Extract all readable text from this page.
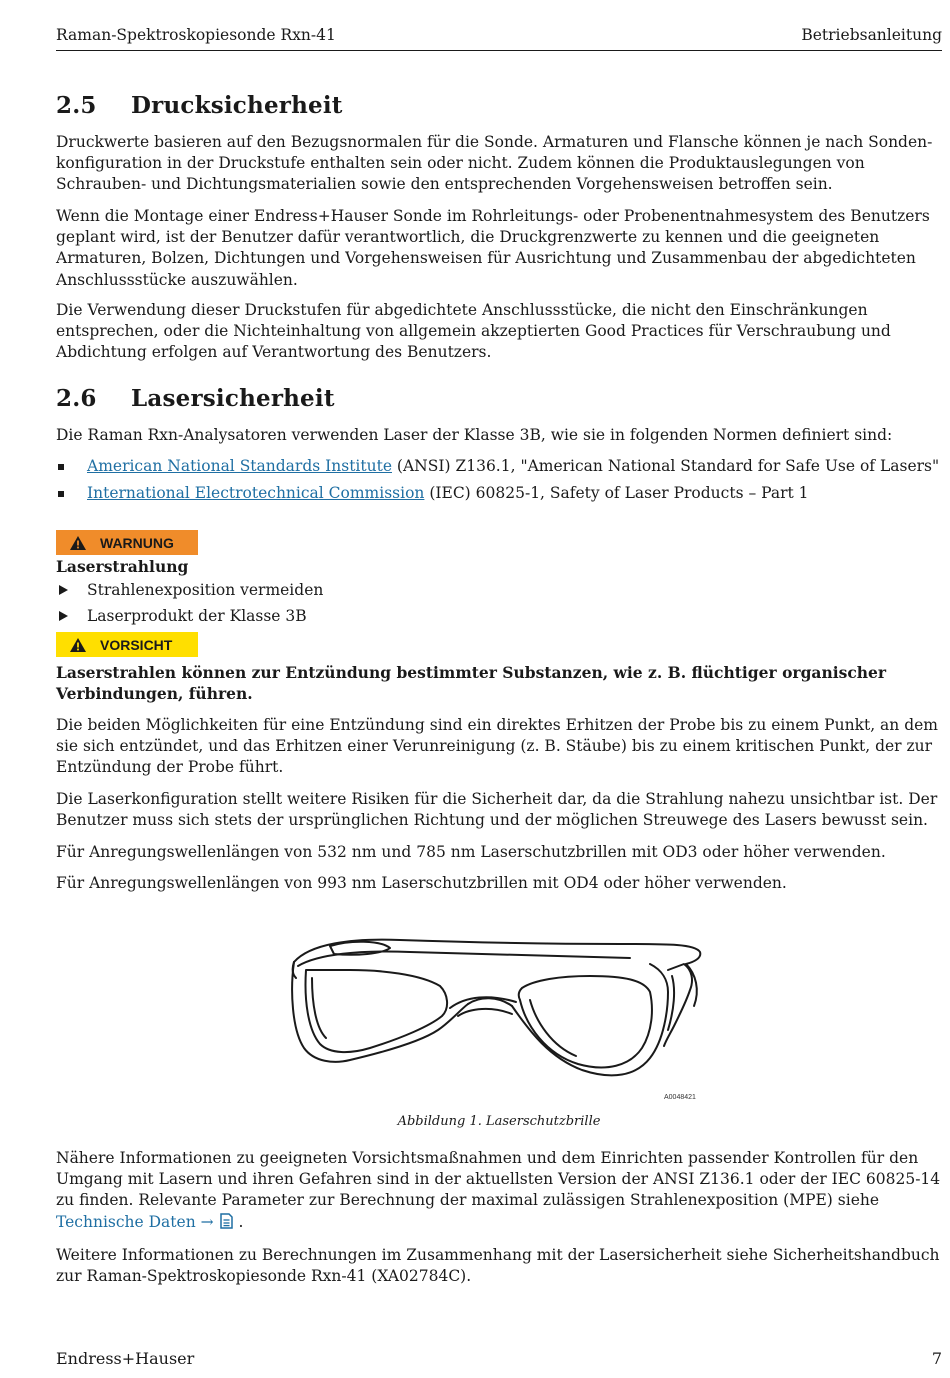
Raman-Spektroskopiesonde Rxn-41	Betriebsanleitung
2.5 Drucksicherheit

Druckwerte basieren auf den Bezugsnormalen für die Sonde. Armaturen und Flansche können je nach Sondenkonfiguration in der Druckstufe enthalten sein oder nicht. Zudem können die Produktauslegungen von Schrauben- und Dichtungsmaterialien sowie den entsprechenden Vorgehensweisen betroffen sein.

Wenn die Montage einer Endress+Hauser Sonde im Rohrleitungs- oder Probenentnahmesystem des Benutzers geplant wird, ist der Benutzer dafür verantwortlich, die Druckgrenzwerte zu kennen und die geeigneten Armaturen, Bolzen, Dichtungen und Vorgehensweisen für Ausrichtung und Zusammenbau der abgedichteten Anschlussstücke auszuwählen.

Die Verwendung dieser Druckstufen für abgedichtete Anschlussstücke, die nicht den Einschränkungen entsprechen, oder die Nichteinhaltung von allgemein akzeptierten Good Practices für Verschraubung und Abdichtung erfolgen auf Verantwortung des Benutzers.

2.6 Lasersicherheit

Die Raman Rxn-Analysatoren verwenden Laser der Klasse 3B, wie sie in folgenden Normen definiert sind:

American National Standards Institute (ANSI) Z136.1, "American National Standard for Safe Use of Lasers"
International Electrotechnical Commission (IEC) 60825-1, Safety of Laser Products – Part 1
WARNUNG

Laserstrahlung

Strahlenexposition vermeiden
Laserprodukt der Klasse 3B
VORSICHT

Laserstrahlen können zur Entzündung bestimmter Substanzen, wie z. B. flüchtiger organischer Verbindungen, führen.

Die beiden Möglichkeiten für eine Entzündung sind ein direktes Erhitzen der Probe bis zu einem Punkt, an dem sie sich entzündet, und das Erhitzen einer Verunreinigung (z. B. Stäube) bis zu einem kritischen Punkt, der zur Entzündung der Probe führt.

Die Laserkonfiguration stellt weitere Risiken für die Sicherheit dar, da die Strahlung nahezu unsichtbar ist. Der Benutzer muss sich stets der ursprünglichen Richtung und der möglichen Streuwege des Lasers bewusst sein.

Für Anregungswellenlängen von 532 nm und 785 nm Laserschutzbrillen mit OD3 oder höher verwenden.

Für Anregungswellenlängen von 993 nm Laserschutzbrillen mit OD4 oder höher verwenden.

A0048421
Abbildung 1. Laserschutzbrille

Nähere Informationen zu geeigneten Vorsichtsmaßnahmen und dem Einrichten passender Kontrollen für den Umgang mit Lasern und ihren Gefahren sind in der aktuellsten Version der ANSI Z136.1 oder der IEC 60825-14 zu finden. Relevante Parameter zur Berechnung der maximal zulässigen Strahlenexposition (MPE) siehe Technische Daten →  .

Weitere Informationen zu Berechnungen im Zusammenhang mit der Lasersicherheit siehe Sicherheitshandbuch zur Raman-Spektroskopiesonde Rxn-41 (XA02784C).

Endress+Hauser	7
